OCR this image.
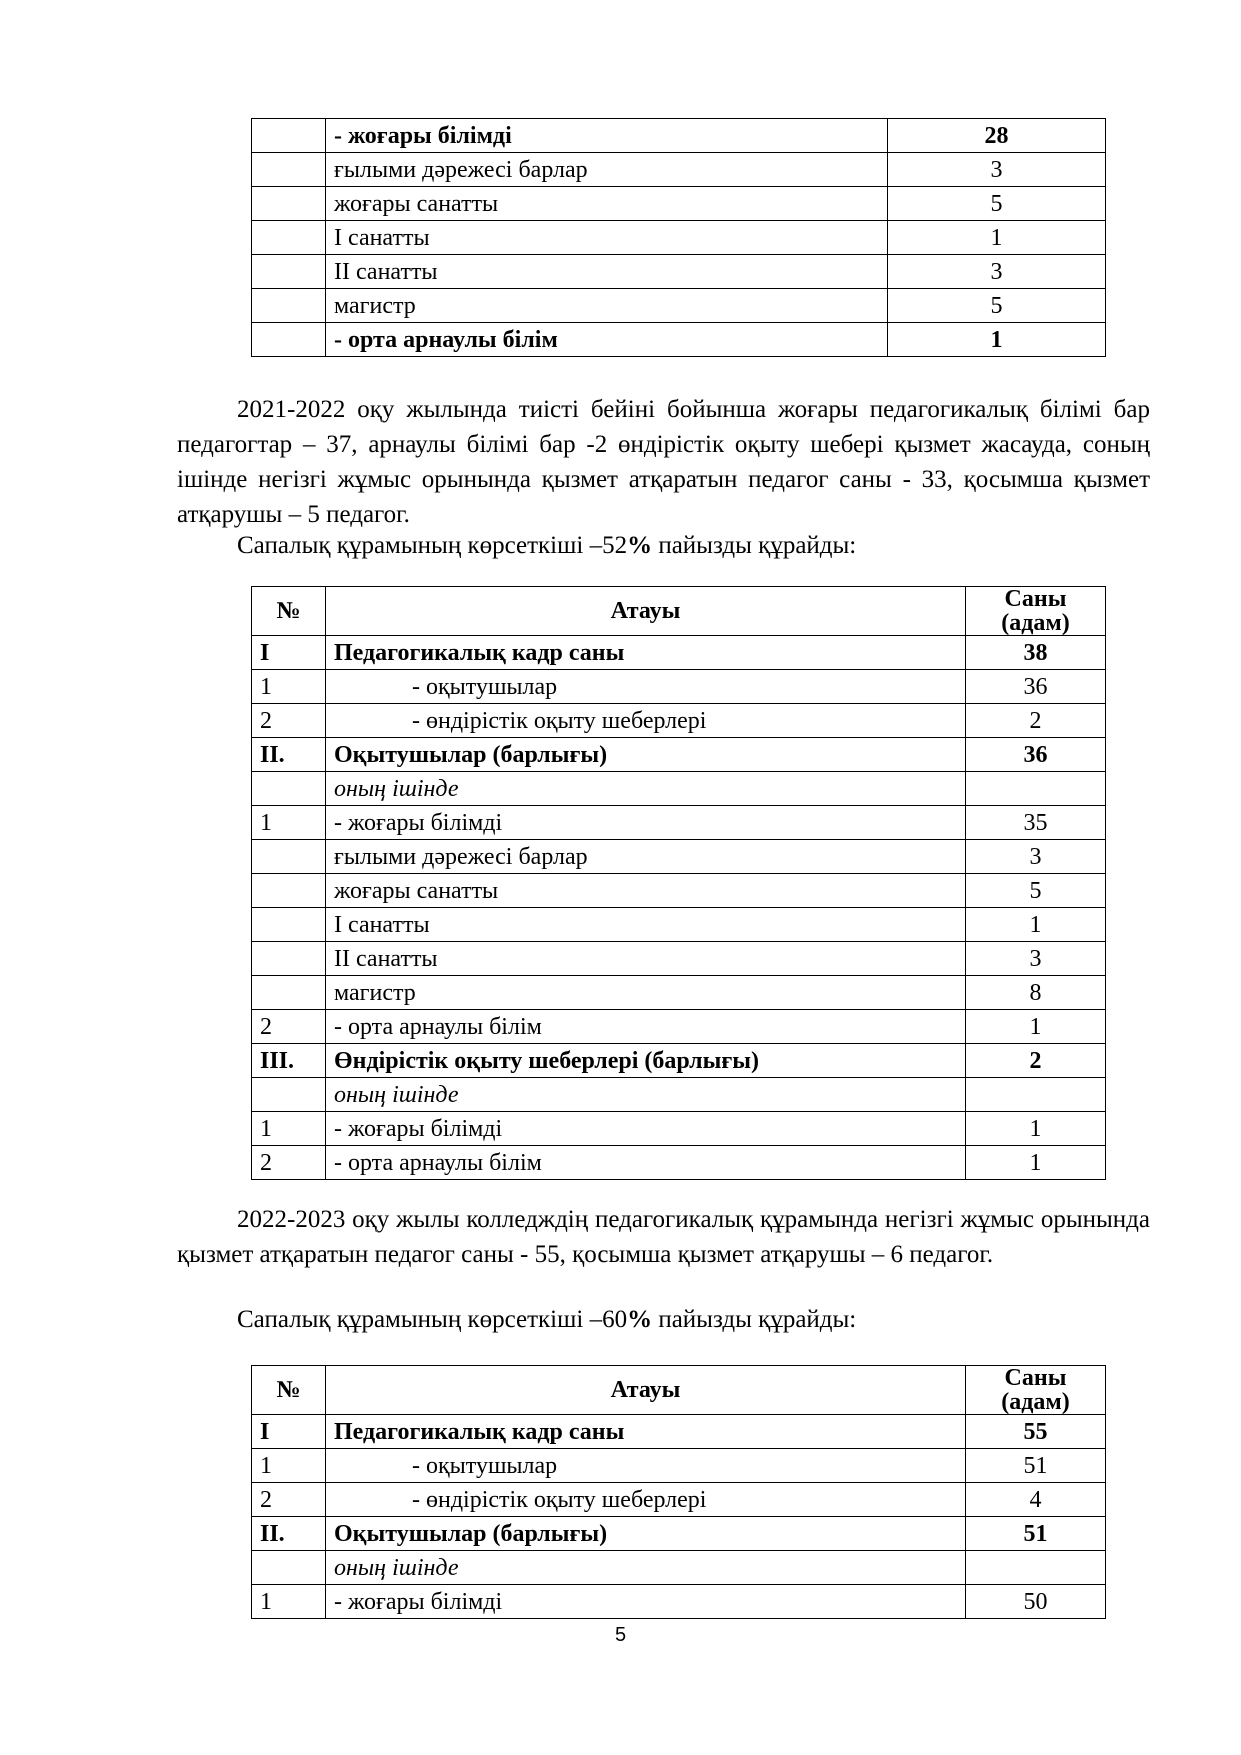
	- жоғары білімді	28
	ғылыми дәрежесі барлар	3
	жоғары санатты	5
	І санатты	1
	ІІ санатты	3
	магистр	5
	- орта арнаулы білім	1

2021-2022 оқу жылында тиісті бейіні бойынша жоғары педагогикалық білімі бар педагогтар – 37, арнаулы білімі бар -2 өндірістік оқыту шебері қызмет жасауда, соның ішінде негізгі жұмыс орынында қызмет атқаратын педагог саны - 33, қосымша қызмет атқарушы – 5 педагог.

Сапалық құрамының көрсеткіші –52% пайызды құрайды:

№	Атауы	Саны (адам)
І	Педагогикалық кадр саны	38
1	- оқытушылар	36
2	- өндірістік оқыту шеберлері	2
ІІ.	Оқытушылар (барлығы)	36
	оның ішінде	
1	- жоғары білімді	35
	ғылыми дәрежесі барлар	3
	жоғары санатты	5
	І санатты	1
	ІІ санатты	3
	магистр	8
2	- орта арнаулы білім	1
ІІІ.	Өндірістік оқыту шеберлері (барлығы)	2
	оның ішінде	
1	- жоғары білімді	1
2	- орта арнаулы білім	1

2022-2023 оқу жылы колледждің педагогикалық құрамында негізгі жұмыс орынында қызмет атқаратын педагог саны - 55, қосымша қызмет атқарушы – 6 педагог.

Сапалық құрамының көрсеткіші –60% пайызды құрайды:

№	Атауы	Саны (адам)
І	Педагогикалық кадр саны	55
1	- оқытушылар	51
2	- өндірістік оқыту шеберлері	4
ІІ.	Оқытушылар (барлығы)	51
	оның ішінде	
1	- жоғары білімді	50
5
